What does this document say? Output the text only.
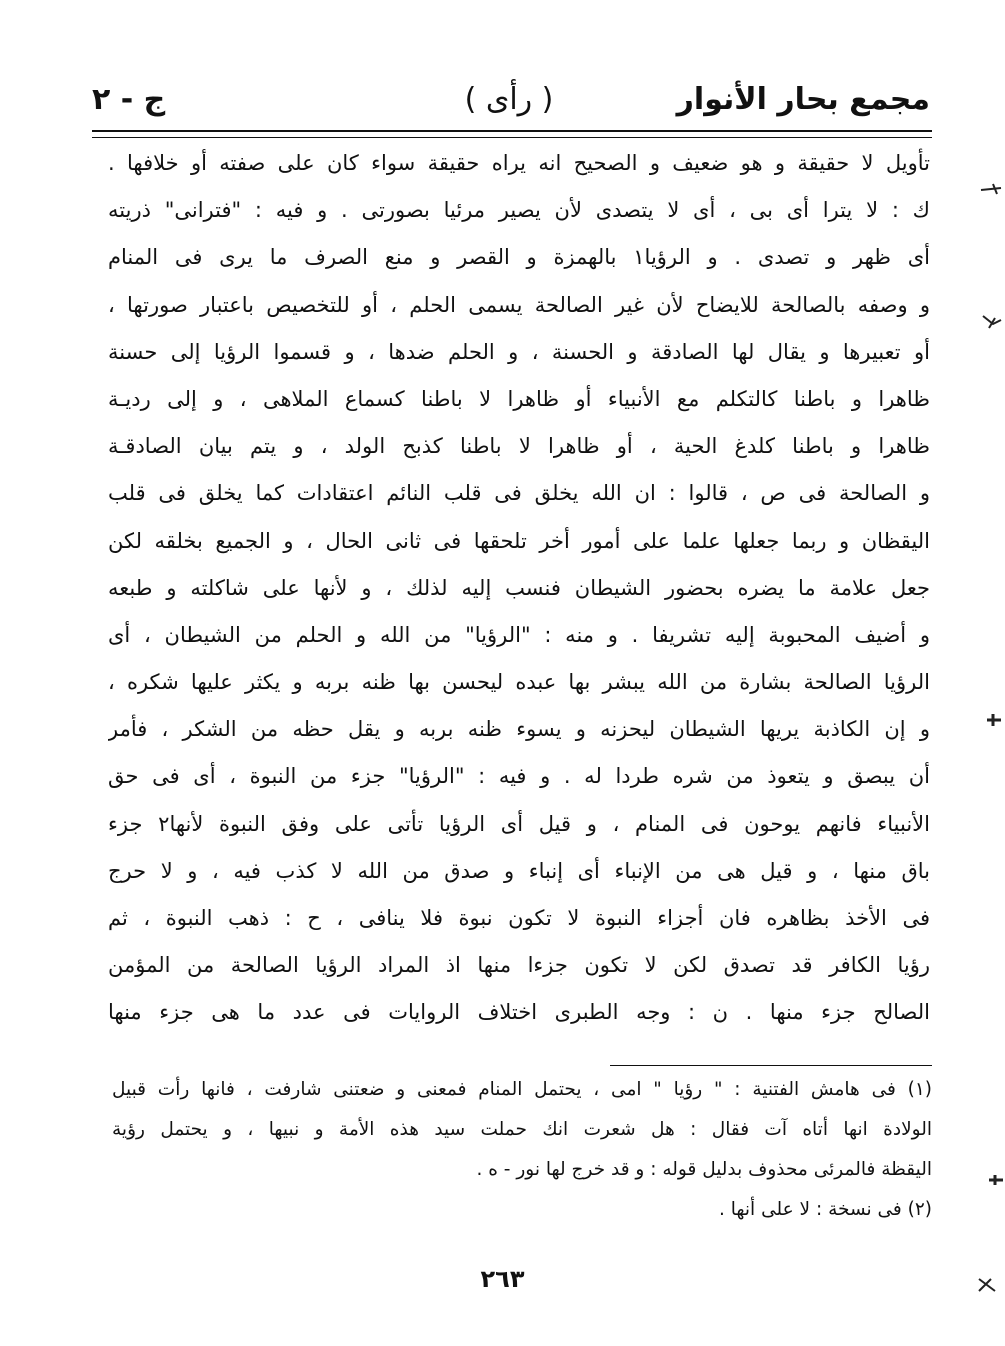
مجمع بحار الأنوار
( رأى )
ج - ٢
تأويل لا حقيقة و هو ضعيف و الصحيح انه يراه حقيقة سواء كان على صفته أو خلافها .
ك : لا يترا أى بى ، أى لا يتصدى لأن يصير مرئيا بصورتى . و فيه : "فترانى" ذريته
أى ظهر و تصدى . و الرؤيا١ بالهمزة و القصر و منع الصرف ما يرى فى المنام
و وصفه بالصالحة للايضاح لأن غير الصالحة يسمى الحلم ، أو للتخصيص باعتبار صورتها ،
أو تعبيرها و يقال لها الصادقة و الحسنة ، و الحلم ضدها ، و قسموا الرؤيا إلى حسنة
ظاهرا و باطنا كالتكلم مع الأنبياء أو ظاهرا لا باطنا كسماع الملاهى ، و إلى رديـة
ظاهرا و باطنا كلدغ الحية ، أو ظاهرا لا باطنا كذبح الولد ، و يتم بيان الصادقـة
و الصالحة فى ص ، قالوا : ان الله يخلق فى قلب النائم اعتقادات كما يخلق فى قلب
اليقظان و ربما جعلها علما على أمور أخر تلحقها فى ثانى الحال ، و الجميع بخلقه لكن
جعل علامة ما يضره بحضور الشيطان فنسب إليه لذلك ، و لأنها على شاكلته و طبعه
و أضيف المحبوبة إليه تشريفا . و منه : "الرؤيا" من الله و الحلم من الشيطان ، أى
الرؤيا الصالحة بشارة من الله يبشر بها عبده ليحسن بها ظنه بربه و يكثر عليها شكره ،
و إن الكاذبة يريها الشيطان ليحزنه و يسوء ظنه بربه و يقل حظه من الشكر ، فأمر
أن يبصق و يتعوذ من شره طردا له . و فيه : "الرؤيا" جزء من النبوة ، أى فى حق
الأنبياء فانهم يوحون فى المنام ، و قيل أى الرؤيا تأتى على وفق النبوة لأنها٢ جزء
باق منها ، و قيل هى من الإنباء أى إنباء و صدق من الله لا كذب فيه ، و لا حرج
فى الأخذ بظاهره فان أجزاء النبوة لا تكون نبوة فلا ينافى ، ح : ذهب النبوة ، ثم
رؤيا الكافر قد تصدق لكن لا تكون جزءا منها اذ المراد الرؤيا الصالحة من المؤمن
الصالح جزء منها . ن : وجه الطبرى اختلاف الروايات فى عدد ما هى جزء منها
(١) فى هامش الفتنية : " رؤيا " امى ، يحتمل المنام فمعنى و ضعتنى شارفت ، فانها رأت قبيل
الولادة انها أتاه آت فقال : هل شعرت انك حملت سيد هذه الأمة و نبيها ، و يحتمل رؤية
اليقظة فالمرئى محذوف بدليل قوله : و قد خرج لها نور - ه .
(٢) فى نسخة : لا على أنها .
٢٦٣
